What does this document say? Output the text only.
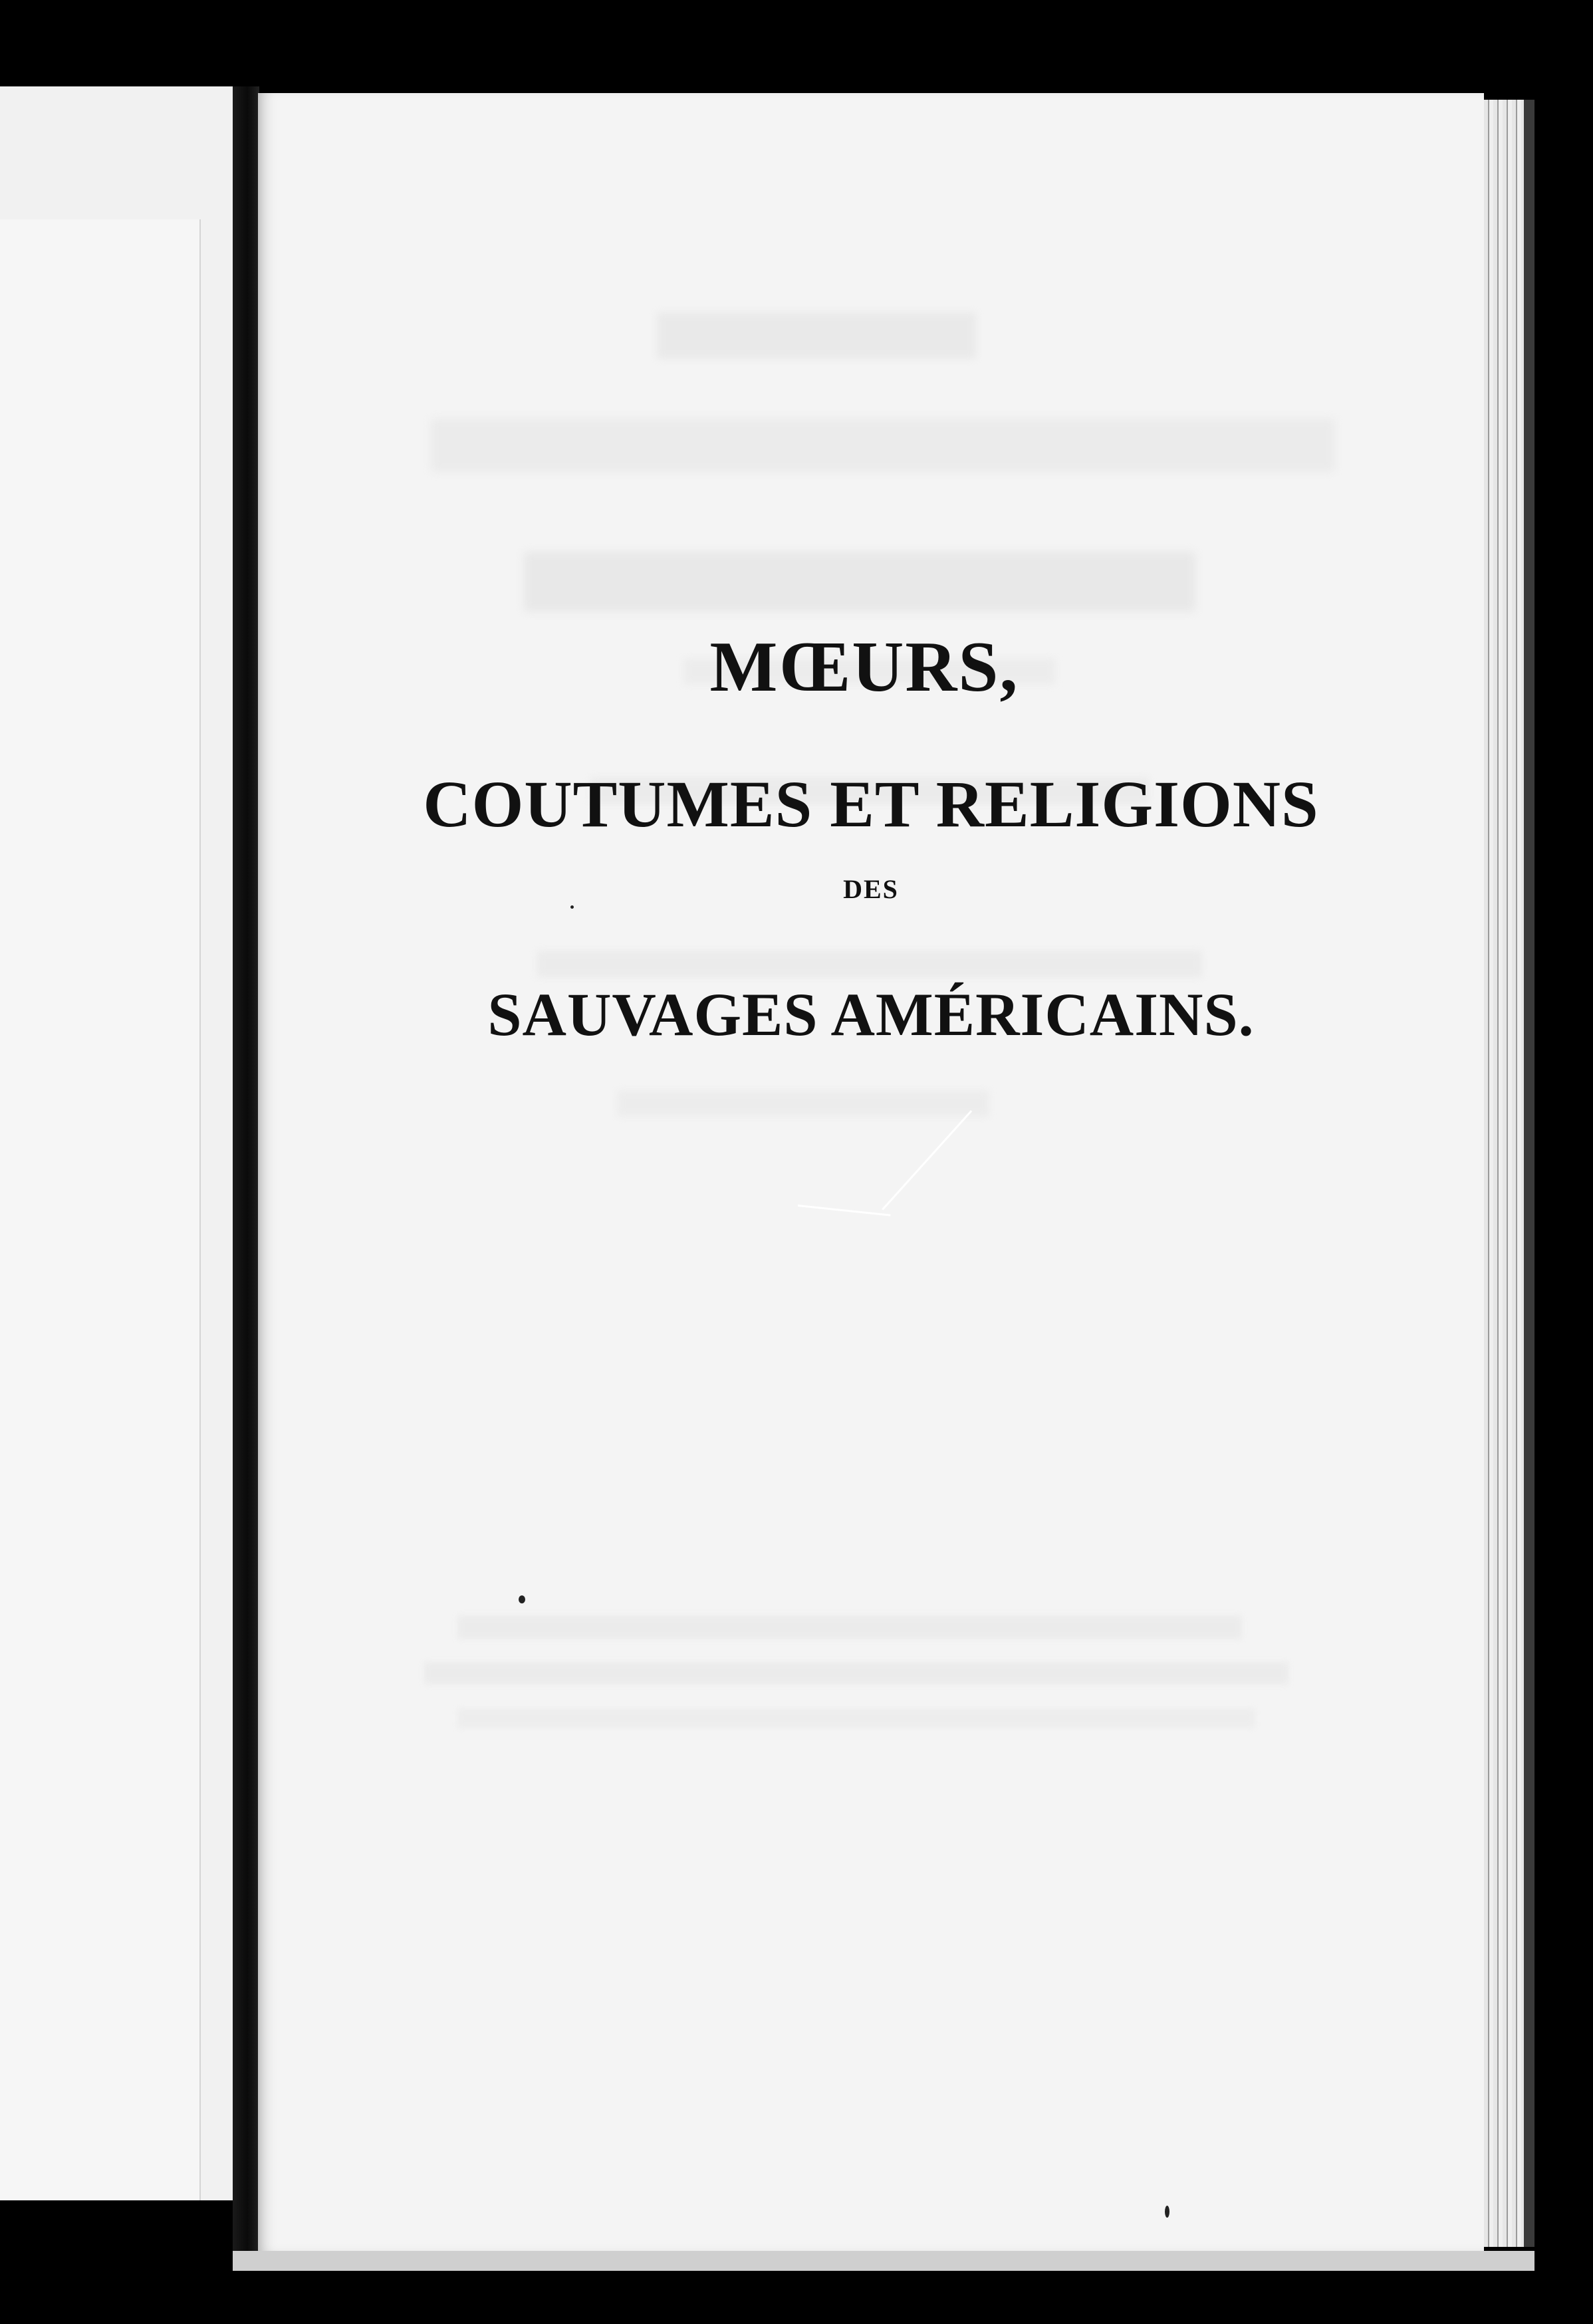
MŒURS,
COUTUMES ET RELIGIONS
DES
SAUVAGES AMÉRICAINS.
